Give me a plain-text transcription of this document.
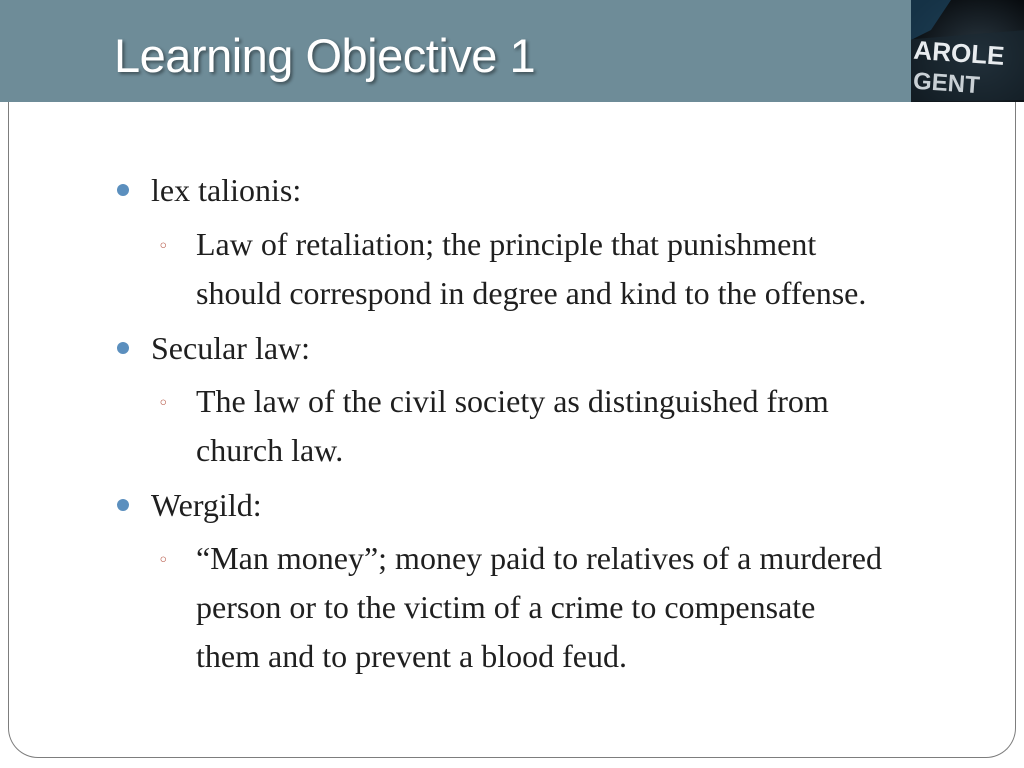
Learning Objective 1	AROLE
GENT
lex talionis:
◦ Law of retaliation; the principle that punishment
should correspond in degree and kind to the offense.
Secular law:
◦ The law of the civil society as distinguished from
church law.
Wergild:
◦ “Man money”; money paid to relatives of a murdered
person or to the victim of a crime to compensate
them and to prevent a blood feud.
